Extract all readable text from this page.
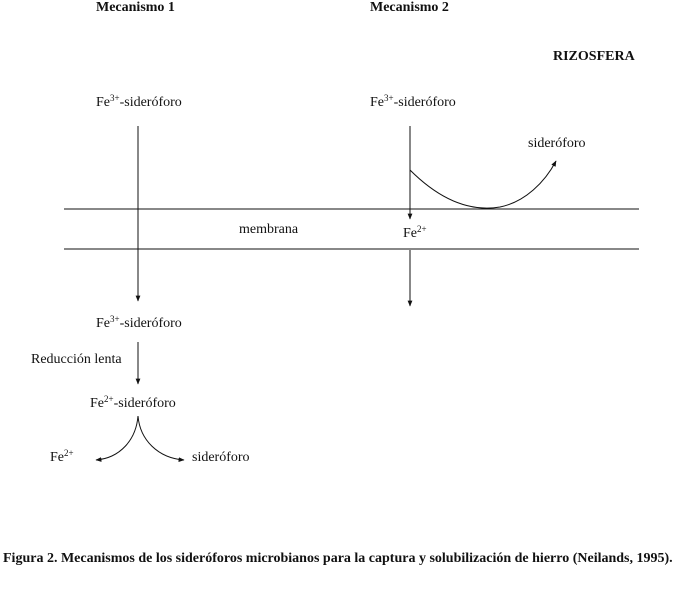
Mecanismo 1	Mecanismo 2
RIZOSFERA
$Fe^{3+}$-sideróforo
membrana
$Fe^{3+}$-sideróforo
Reducción lenta
$Fe^{2+}$-sideróforo
$Fe^{2+}$	sideróforo
$Fe^{3+}$-sideróforo
sideróforo
$Fe^{2+}$
Figura 2. Mecanismos de los sideróforos microbianos para la captura y solubilización de hierro (Neilands, 1995).
